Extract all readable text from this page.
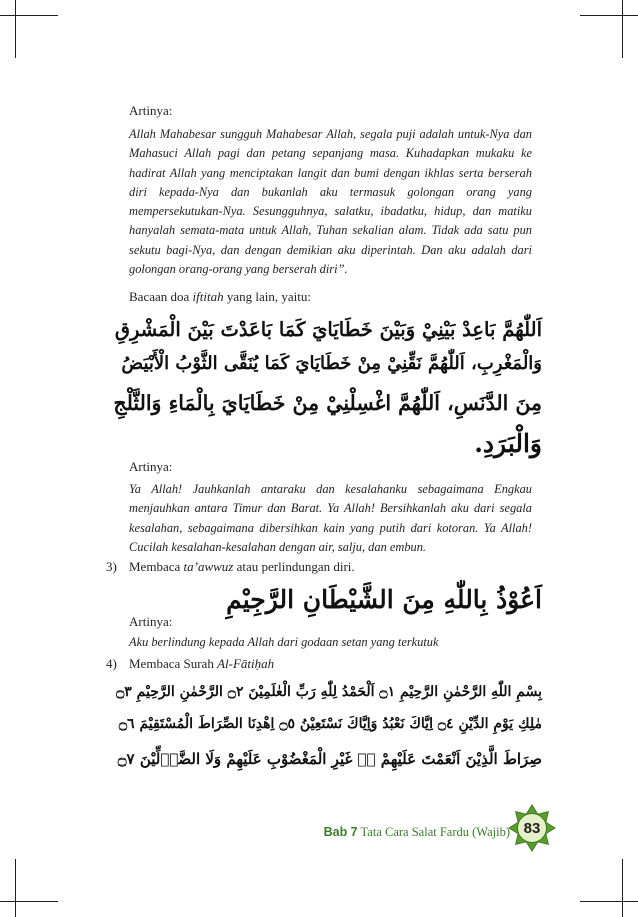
Artinya:
Allah Mahabesar sungguh Mahabesar Allah, segala puji adalah untuk-Nya dan Mahasuci Allah pagi dan petang sepanjang masa. Kuhadapkan mukaku ke hadirat Allah yang menciptakan langit dan bumi dengan ikhlas serta berserah diri kepada-Nya dan bukanlah aku termasuk golongan orang yang mempersekutukan-Nya. Sesungguhnya, salatku, ibadatku, hidup, dan matiku hanyalah semata-mata untuk Allah, Tuhan sekalian alam. Tidak ada satu pun sekutu bagi-Nya, dan dengan demikian aku diperintah. Dan aku adalah dari golongan orang-orang yang berserah diri”.
Bacaan doa iftitah yang lain, yaitu:
اَللّٰهُمَّ بَاعِدْ بَيْنِيْ وَبَيْنَ خَطَايَايَ كَمَا بَاعَدْتَ بَيْنَ الْمَشْرِقِ
وَالْمَغْرِبِ، اَللّٰهُمَّ نَقِّنِيْ مِنْ خَطَايَايَ كَمَا يُنَقَّى الثَّوْبُ الْأَبْيَضُ
مِنَ الدَّنَسِ، اَللّٰهُمَّ اغْسِلْنِيْ مِنْ خَطَايَايَ بِالْمَاءِ وَالثَّلْجِ
وَالْبَرَدِ.
Artinya:
Ya Allah! Jauhkanlah antaraku dan kesalahanku sebagaimana Engkau menjauhkan antara Timur dan Barat. Ya Allah! Bersihkanlah aku dari segala kesalahan, sebagaimana dibersihkan kain yang putih dari kotoran. Ya Allah! Cucilah kesalahan-kesalahan dengan air, salju, dan embun.
3) Membaca ta’awwuz atau perlindungan diri.
اَعُوْذُ بِاللّٰهِ مِنَ الشَّيْطَانِ الرَّجِيْمِ
Artinya:
Aku berlindung kepada Allah dari godaan setan yang terkutuk
4) Membaca Surah Al-Fātiḥah
بِسْمِ اللّٰهِ الرَّحْمٰنِ الرَّحِيْمِ ۝١ اَلْحَمْدُ لِلّٰهِ رَبِّ الْعٰلَمِيْنَ ۝٢ الرَّحْمٰنِ الرَّحِيْمِ ۝٣
مٰلِكِ يَوْمِ الدِّيْنِ ۝٤ اِيَّاكَ نَعْبُدُ وَاِيَّاكَ نَسْتَعِيْنُ ۝٥ اِهْدِنَا الصِّرَاطَ الْمُسْتَقِيْمَ ۝٦
صِرَاطَ الَّذِيْنَ اَنْعَمْتَ عَلَيْهِمْ ەۙ غَيْرِ الْمَغْضُوْبِ عَلَيْهِمْ وَلَا الضَّاۤلِّيْنَ ۝٧
Bab 7 Tata Cara Salat Fardu (Wajib) 83
